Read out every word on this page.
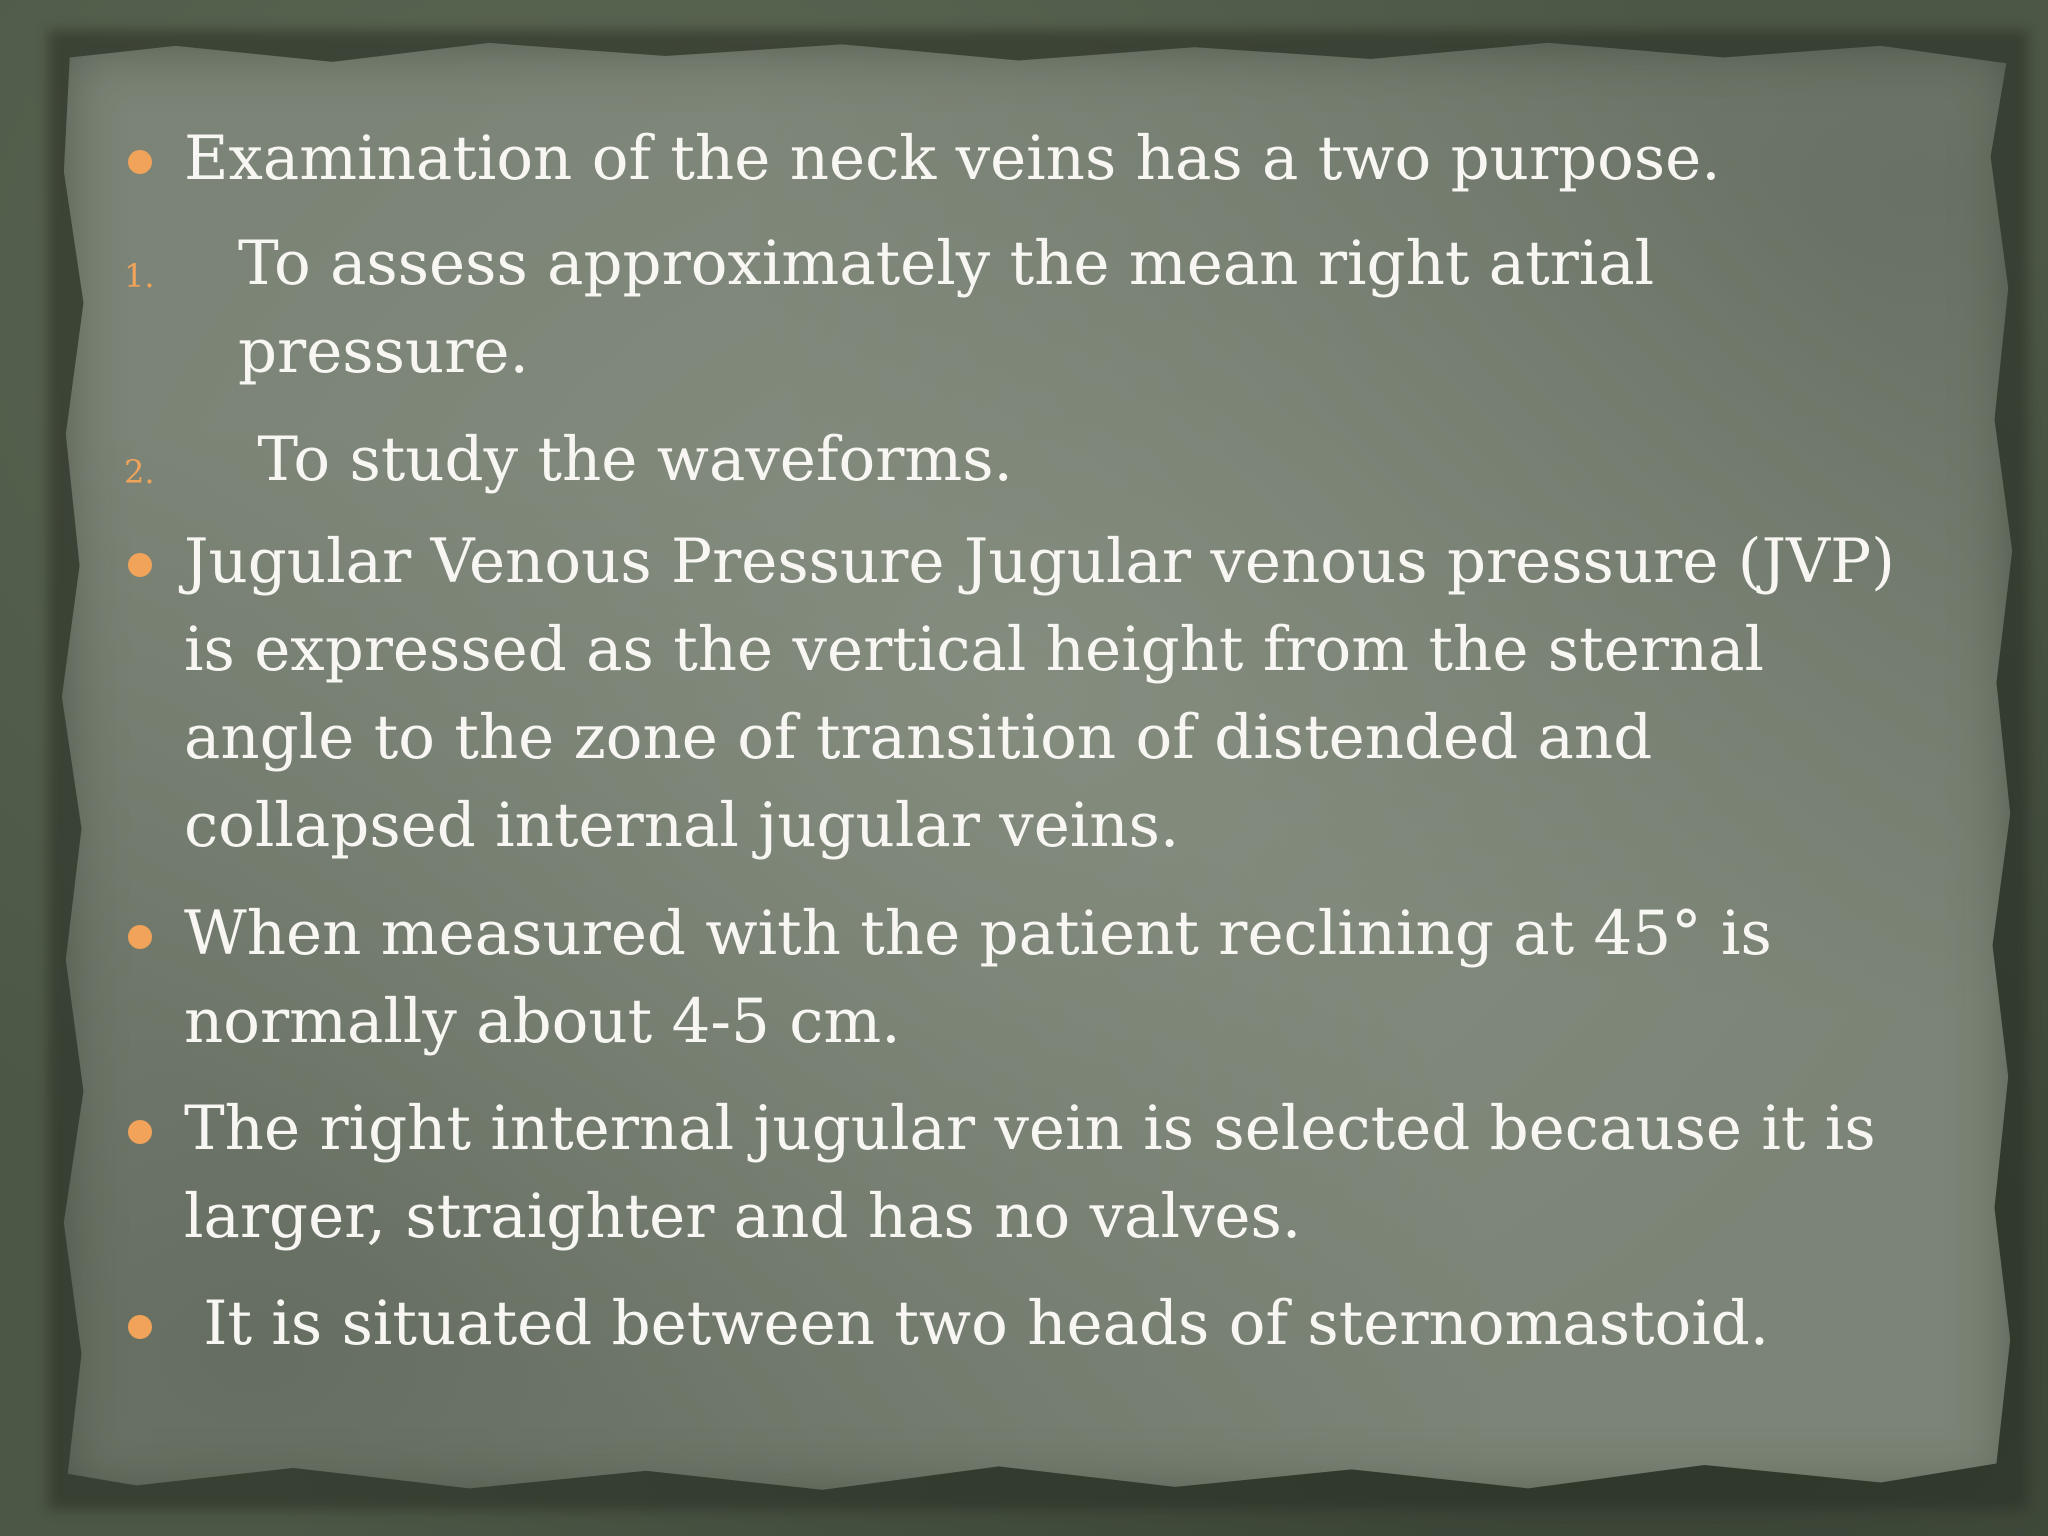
Examination of the neck veins has a two purpose.
1. To assess approximately the mean right atrial
pressure.
2. To study the waveforms.
Jugular Venous Pressure Jugular venous pressure (JVP)
is expressed as the vertical height from the sternal
angle to the zone of transition of distended and
collapsed internal jugular veins.
When measured with the patient reclining at 45° is
normally about 4-5 cm.
The right internal jugular vein is selected because it is
larger, straighter and has no valves.
It is situated between two heads of sternomastoid.
